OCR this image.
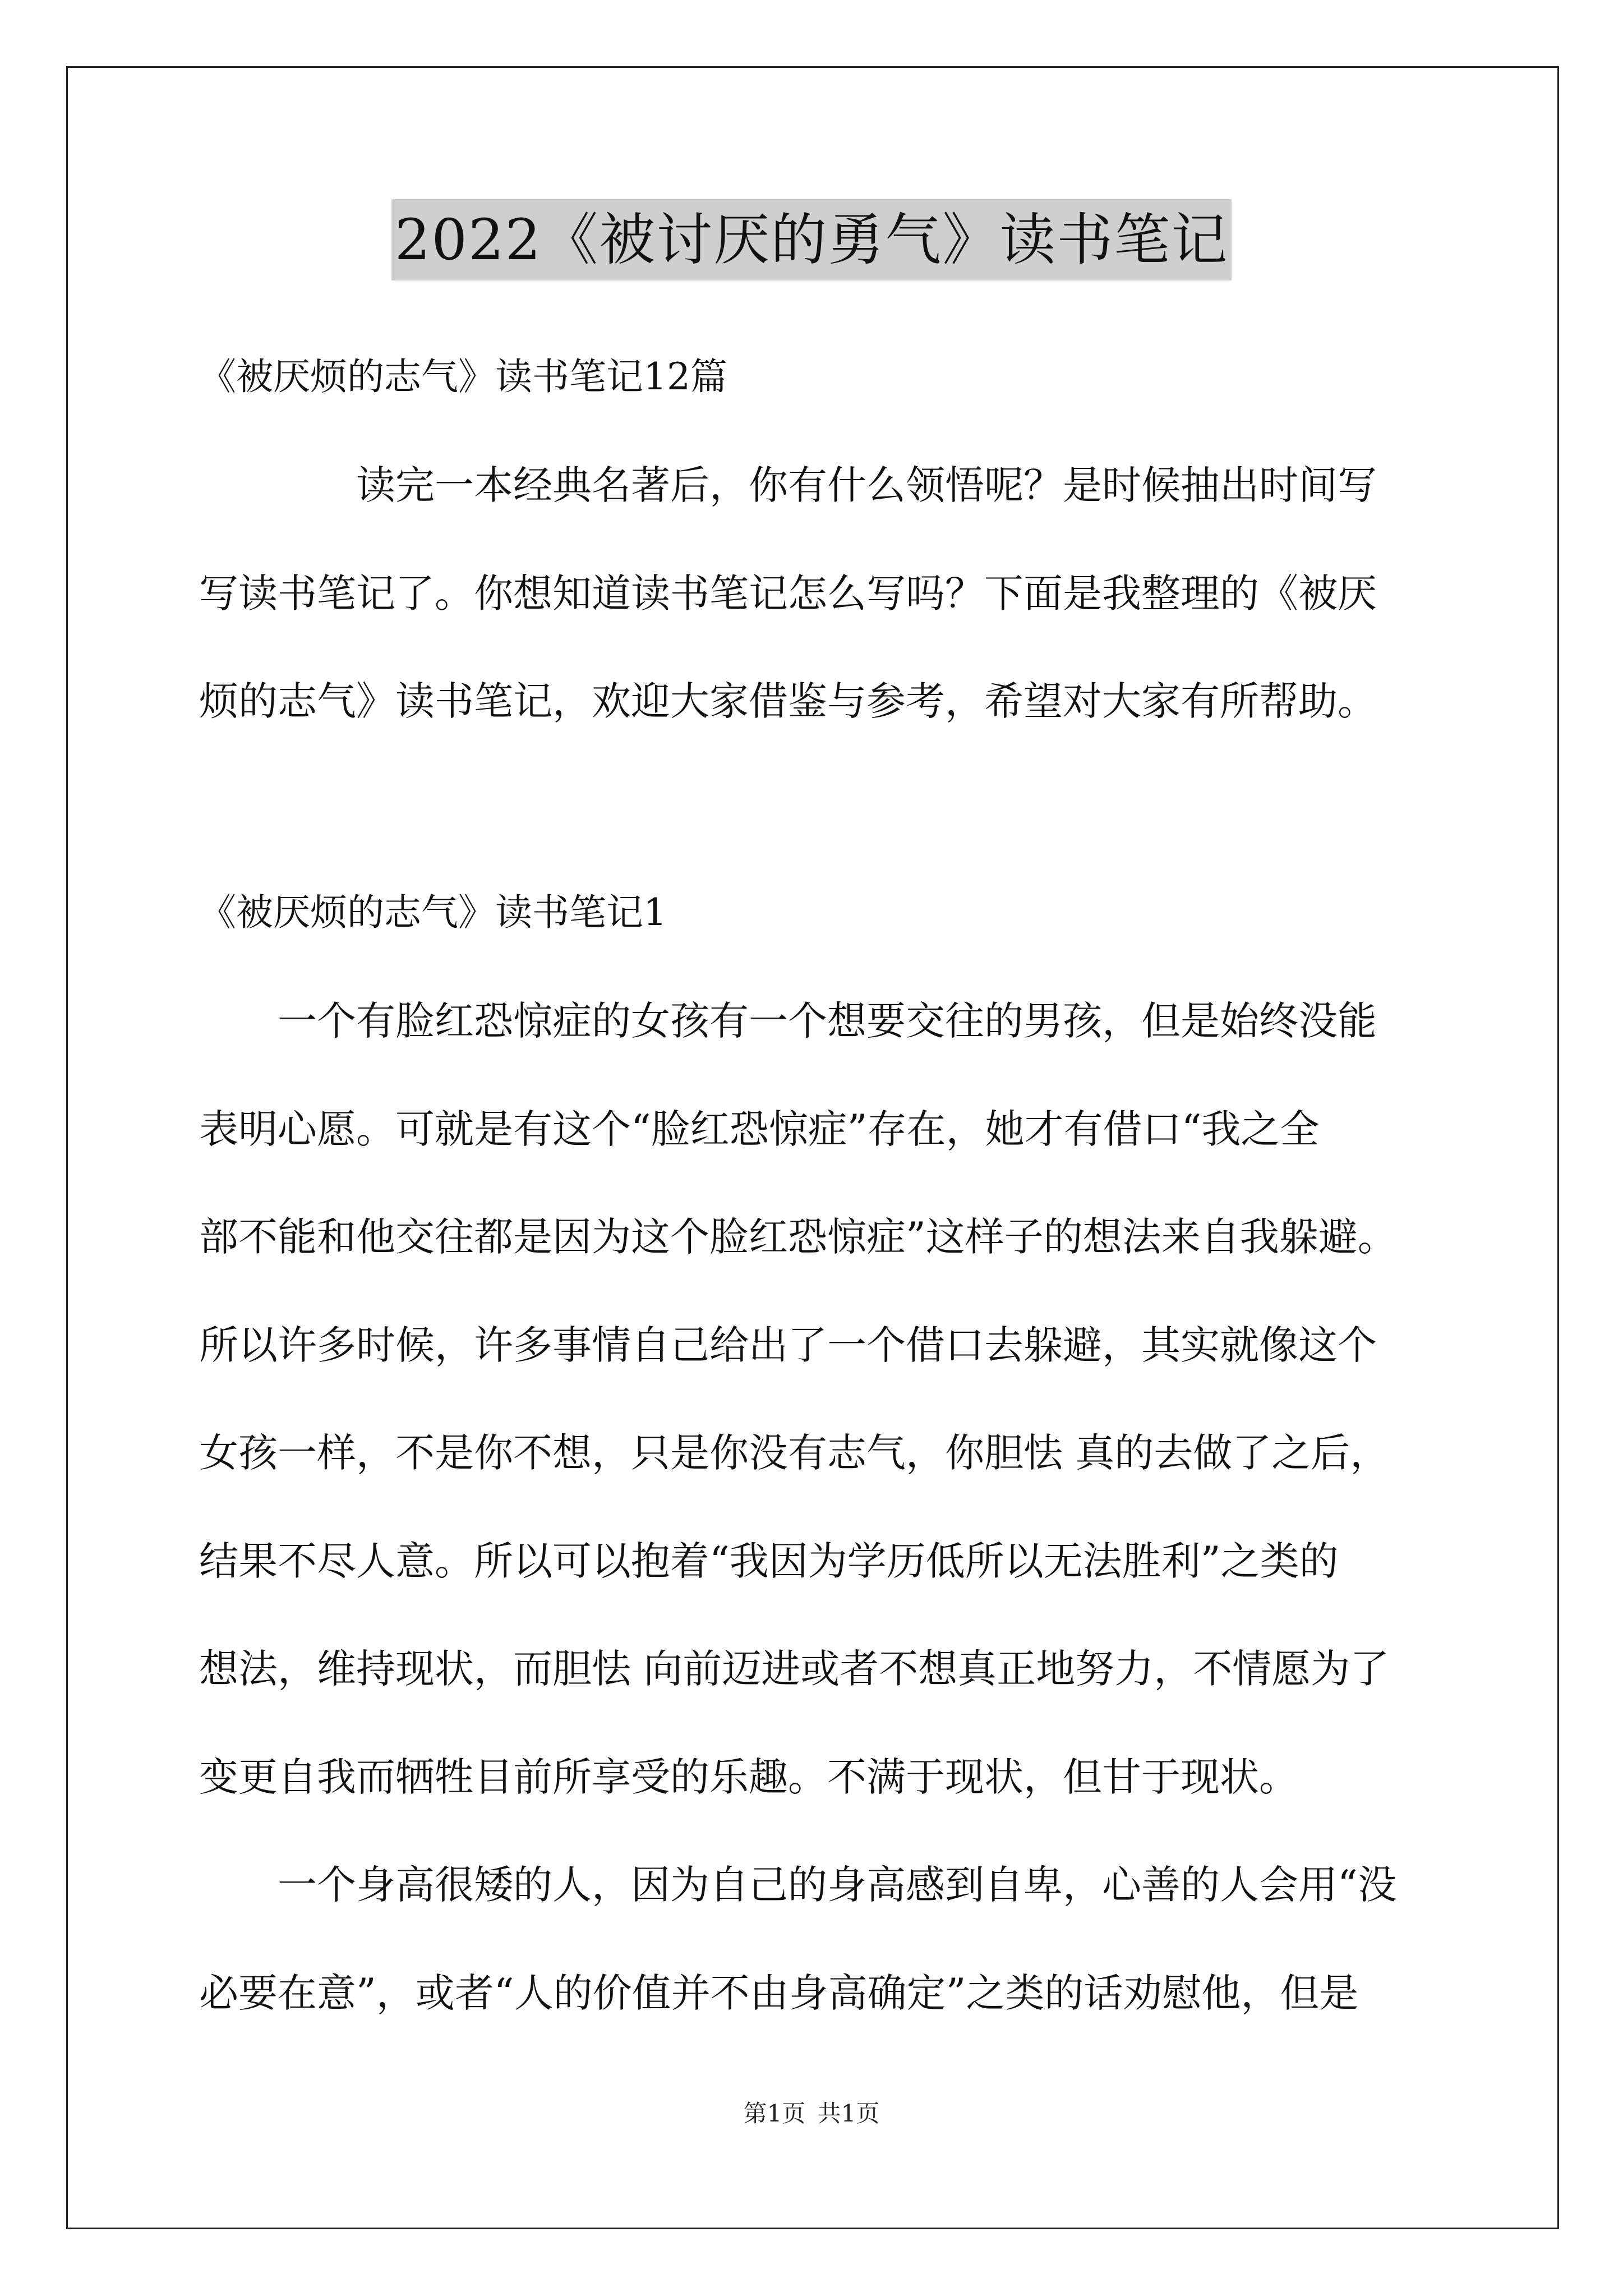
2022《被讨厌的勇气》读书笔记
《被厌烦的志气》读书笔记12篇
读完一本经典名著后，你有什么领悟呢？是时候抽出时间写
写读书笔记了。你想知道读书笔记怎么写吗？下面是我整理的《被厌
烦的志气》读书笔记，欢迎大家借鉴与参考，希望对大家有所帮助。
《被厌烦的志气》读书笔记1
一个有脸红恐惊症的女孩有一个想要交往的男孩，但是始终没能
表明心愿。可就是有这个“脸红恐惊症”存在，她才有借口“我之全
部不能和他交往都是因为这个脸红恐惊症”这样子的想法来自我躲避。
所以许多时候，许多事情自己给出了一个借口去躲避，其实就像这个
女孩一样，不是你不想，只是你没有志气，你胆怯 真的去做了之后，
结果不尽人意。所以可以抱着“我因为学历低所以无法胜利”之类的
想法，维持现状，而胆怯 向前迈进或者不想真正地努力，不情愿为了
变更自我而牺牲目前所享受的乐趣。不满于现状，但甘于现状。
一个身高很矮的人，因为自己的身高感到自卑，心善的人会用“没
必要在意”，或者“人的价值并不由身高确定”之类的话劝慰他，但是
第1页 共1页
